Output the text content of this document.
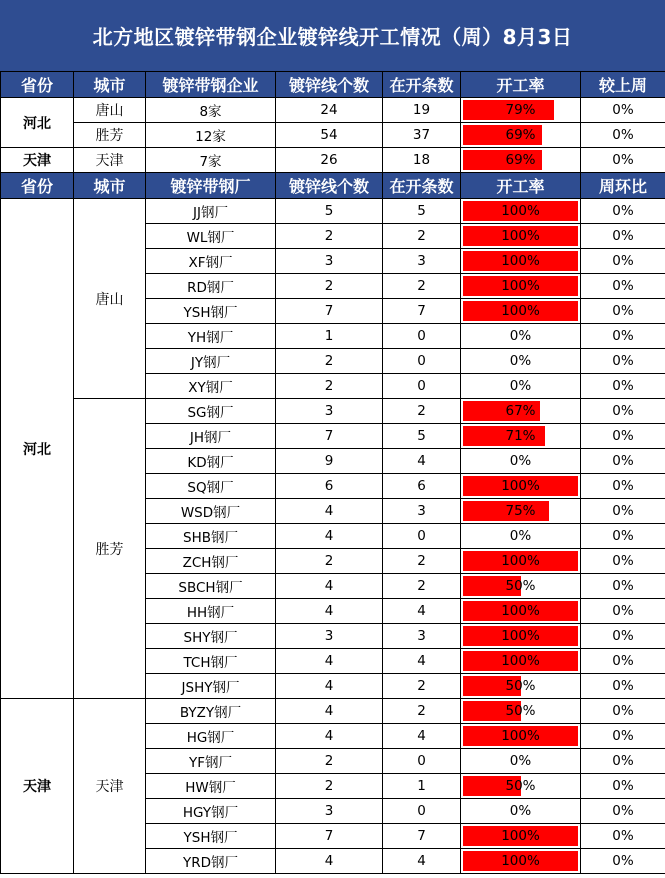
北方地区镀锌带钢企业镀锌线开工情况（周）8月3日
省份	城市	镀锌带钢企业	镀锌线个数	在开条数	开工率	较上周
河北	唐山	8家	24	19	79%	0%
	胜芳	12家	54	37	69%	0%
天津	天津	7家	26	18	69%	0%
省份	城市	镀锌带钢厂	镀锌线个数	在开条数	开工率	周环比
河北	唐山	JJ钢厂	5	5	100%	0%
		WL钢厂	2	2	100%	0%
		XF钢厂	3	3	100%	0%
		RD钢厂	2	2	100%	0%
		YSH钢厂	7	7	100%	0%
		YH钢厂	1	0	0%	0%
		JY钢厂	2	0	0%	0%
		XY钢厂	2	0	0%	0%
	胜芳	SG钢厂	3	2	67%	0%
		JH钢厂	7	5	71%	0%
		KD钢厂	9	4	0%	0%
		SQ钢厂	6	6	100%	0%
		WSD钢厂	4	3	75%	0%
		SHB钢厂	4	0	0%	0%
		ZCH钢厂	2	2	100%	0%
		SBCH钢厂	4	2	50%	0%
		HH钢厂	4	4	100%	0%
		SHY钢厂	3	3	100%	0%
		TCH钢厂	4	4	100%	0%
		JSHY钢厂	4	2	50%	0%
天津	天津	BYZY钢厂	4	2	50%	0%
		HG钢厂	4	4	100%	0%
		YF钢厂	2	0	0%	0%
		HW钢厂	2	1	50%	0%
		HGY钢厂	3	0	0%	0%
		YSH钢厂	7	7	100%	0%
		YRD钢厂	4	4	100%	0%
